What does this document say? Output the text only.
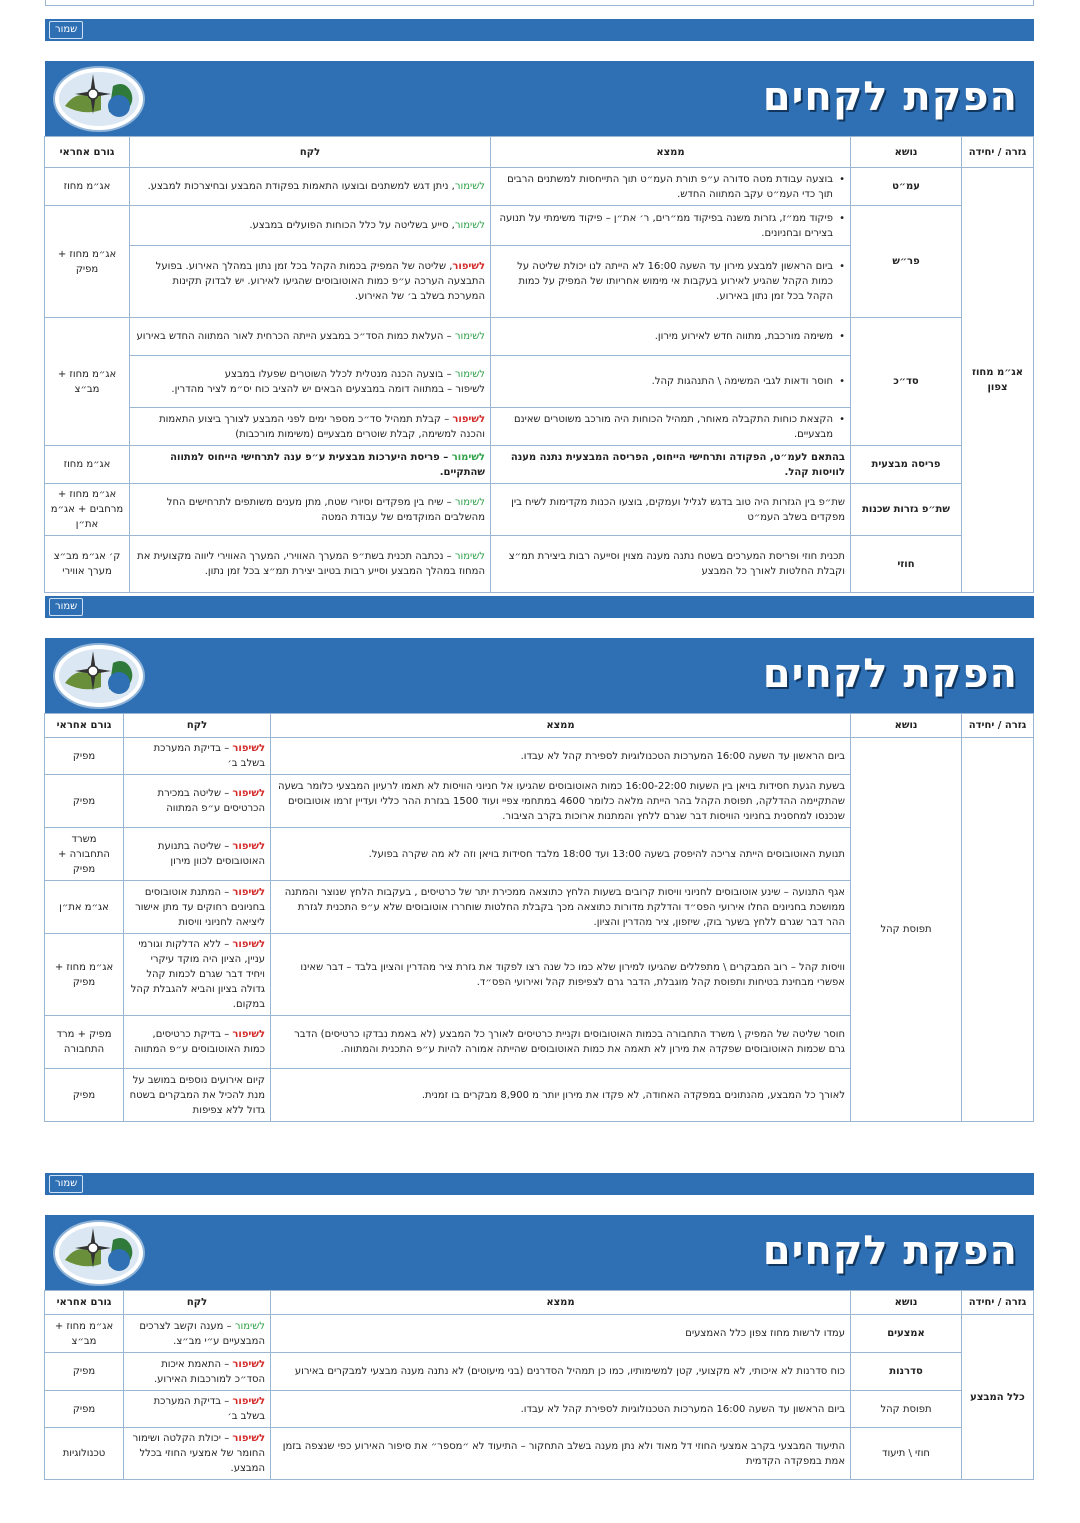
שמור
הפקת לקחים
גזרה / יחידה	נושא	ממצא	לקח	גורם אחראי
אג״מ מחוז צפון	עמ״ט	• בוצעה עבודת מטה סדורה ע״פ תורת העמ״ט תוך התייחסות למשתנים הרבים תוך כדי העמ״ט עקב המתווה החדש.	לשימור, ניתן דגש למשתנים ובוצעו התאמות בפקודת המבצע ובחיצרכות למבצע.	אג״מ מחוז
	פר״ש	• פיקוד ממ״ז, גזרות משנה בפיקוד ממ״רים, ר׳ את״ן – פיקוד משימתי על תנועה בצירים ובחניונים.	לשימור, סייע בשליטה על כלל הכוחות הפועלים במבצע.	אג״מ מחוז + מפיק

		• ביום הראשון למבצע מירון עד השעה 16:00 לא הייתה לנו יכולת שליטה על כמות הקהל שהגיע לאירוע בעקבות אי מימוש אחריותו של המפיק על כמות הקהל בכל זמן נתון באירוע.	לשיפור, שליטה של המפיק בכמות הקהל בכל זמן נתון במהלך האירוע. בפועל התבצעה הערכה ע״פ כמות האוטובוסים שהגיעו לאירוע. יש לבדוק תקינות המערכת בשלב ב׳ של האירוע.	
	סד״כ	• משימה מורכבת, מתווה חדש לאירוע מירון.	לשימור – העלאת כמות הסד״כ במבצע הייתה הכרחית לאור המתווה החדש באירוע	אג״מ מחוז + מב״צ

		• חוסר ודאות לגבי המשימה \ התנהגות קהל.	לשימור – בוצעה הכנה מנטלית לכלל השוטרים שפעלו במבצע
לשיפור – במתווה דומה במבצעים הבאים יש להציב כוח יס״מ לציר מהדרין.	

		• הקצאת כוחות התקבלה מאוחר, תמהיל הכוחות היה מורכב משוטרים שאינם מבצעיים.	לשיפור – קבלת תמהיל סד״כ מספר ימים לפני המבצע לצורך ביצוע התאמות והכנה למשימה, קבלת שוטרים מבצעיים (משימות מורכבות)	
	פריסה מבצעית	בהתאם לעמ״ט, הפקודה ותרחישי הייחוס, הפריסה המבצעית נתנה מענה לוויסות קהל.	לשימור – פריסת היערכות מבצעית ע״פ ענה לתרחישי הייחוס למתווה שהתקיים.	אג״מ מחוז
	שת״פ גזרות שכנות	שת״פ בין הגזרות היה טוב בדגש לגליל ועמקים, בוצעו הכנות מקדימות לשיח בין מפקדים בשלב העמ״ט	לשימור – שיח בין מפקדים וסיורי שטח, מתן מענים משותפים לתרחישים החל מהשלבים המוקדמים של עבודת המטה	אג״מ מחוז + מרחבים + אג״מ את״ן
	חוזי	תכנית חוזי ופריסת המערכים בשטח נתנה מענה מצוין וסייעה רבות ביצירת תמ״צ וקבלת החלטות לאורך כל המבצע	לשימור – נכתבה תכנית בשת״פ המערך האווירי, המערך האווירי ליווה מקצועית את המחוז במהלך המבצע וסייע רבות בטיוב יצירת תמ״צ בכל זמן נתון.	ק׳ אג״מ מב״צ מערך אווירי
שמור
הפקת לקחים
גזרה / יחידה	נושא	ממצא	לקח	גורם אחראי
	תפוסת קהל	ביום הראשון עד השעה 16:00 המערכות הטכנולוגיות לספירת קהל לא עבדו.	לשיפור – בדיקת המערכת בשלב ב׳	מפיק
		בשעת הגעת חסידות בויאן בין השעות 16:00-22:00 כמות האוטובוסים שהגיעו אל חניוני הוויסות לא תאמו לרעיון המבצעי כלומר בשעה שהתקיימה ההדלקה, תפוסת הקהל בהר הייתה מלאה כלומר 4600 במתחמי צפיי ועוד 1500 בגזרת ההר כללי ועדיין זרמו אוטובוסים שנכנסו למחסנית בחניוני הוויסות דבר שגרם ללחץ והמתנות ארוכות בקרב הציבור.	לשיפור – שליטה במכירת הכרטיסים ע״פ המתווה	מפיק
		תנועת האוטובוסים הייתה צריכה להיפסק בשעה 13:00 ועד 18:00 מלבד חסידות בויאן וזה לא מה שקרה בפועל.	לשיפור – שליטה בתנועת האוטובוסים לכוון מירון	משרד התחבורה + מפיק
		אגף התנועה – שינע אוטובוסים לחניוני וויסות קרובים בשעות הלחץ כתוצאה ממכירת יתר של כרטיסים , בעקבות הלחץ שנוצר והמתנה ממושכת בחניונים החלו אירועי הפס״ד והדלקת מדורות כתוצאה מכך בקבלת החלטות שוחררו אוטובוסים שלא ע״פ התכנית לגזרת ההר דבר שגרם ללחץ בשער בוק, שיזפון, ציר מהדרין והציון.	לשיפור – המתנת אוטובוסים בחניונים רחוקים עד מתן אישור ליציאה לחניוני וויסות	אג״מ את״ן
		וויסות קהל – רוב המבקרים \ מתפללים שהגיעו למירון שלא כמו כל שנה רצו לפקוד את גזרת ציר מהדרין והציון בלבד – דבר שאינו אפשרי מבחינת בטיחות ותפוסת קהל מוגבלת, הדבר גרם לצפיפות קהל ואירועי הפס״ד.	לשיפור – ללא הדלקות וגורמי עניין, הציון היה מוקד עיקרי ויחיד דבר שגרם לכמות קהל גדולה בציון והביא להגבלת קהל במקום.	אג״מ מחוז + מפיק
		חוסר שליטה של המפיק \ משרד התחבורה בכמות האוטובוסים וקניית כרטיסים לאורך כל המבצע (לא באמת נבדקו כרטיסים) הדבר גרם שכמות האוטובוסים שפקדה את מירון לא תאמה את כמות האוטובוסים שהייתה אמורה להיות ע״פ התכנית והמתווה.	לשיפור – בדיקת כרטיסים, כמות האוטובוסים ע״פ המתווה	מפיק + מרד התחבורה
		לאורך כל המבצע, מהנתונים במפקדה האחודה, לא פקדו את מירון יותר מ 8,900 מבקרים בו זמנית.	קיום אירועים נוספים במושב על מנת להכיל את המבקרים בשטח גדול ללא צפיפות	מפיק
שמור
הפקת לקחים
גזרה / יחידה	נושא	ממצא	לקח	גורם אחראי
כלל המבצע	אמצעים	עמדו לרשות מחוז צפון כלל האמצעים	לשימור – מענה וקשב לצרכים המבצעיים ע״י מב״צ.	אג״מ מחוז + מב״צ
	סדרנות	כוח סדרנות לא איכותי, לא מקצועי, קטן למשימותיו, כמו כן תמהיל הסדרנים (בני מיעוטים) לא נתנה מענה מבצעי למבקרים באירוע	לשיפור – התאמת איכות הסד״כ למורכבות האירוע.	מפיק
	תפוסת קהל	ביום הראשון עד השעה 16:00 המערכות הטכנולוגיות לספירת קהל לא עבדו.	לשיפור – בדיקת המערכת בשלב ב׳	מפיק
	חוזי \ תיעוד	התיעוד המבצעי בקרב אמצעי החוזי דל מאוד ולא נתן מענה בשלב התחקור – התיעוד לא ״מספר״ את סיפור האירוע כפי שנצפה בזמן אמת במפקדה הקדמית	לשיפור – יכולת הקלטה ושימור החומר של אמצעי החוזי בכלל המבצע.	טכנולוגיות
